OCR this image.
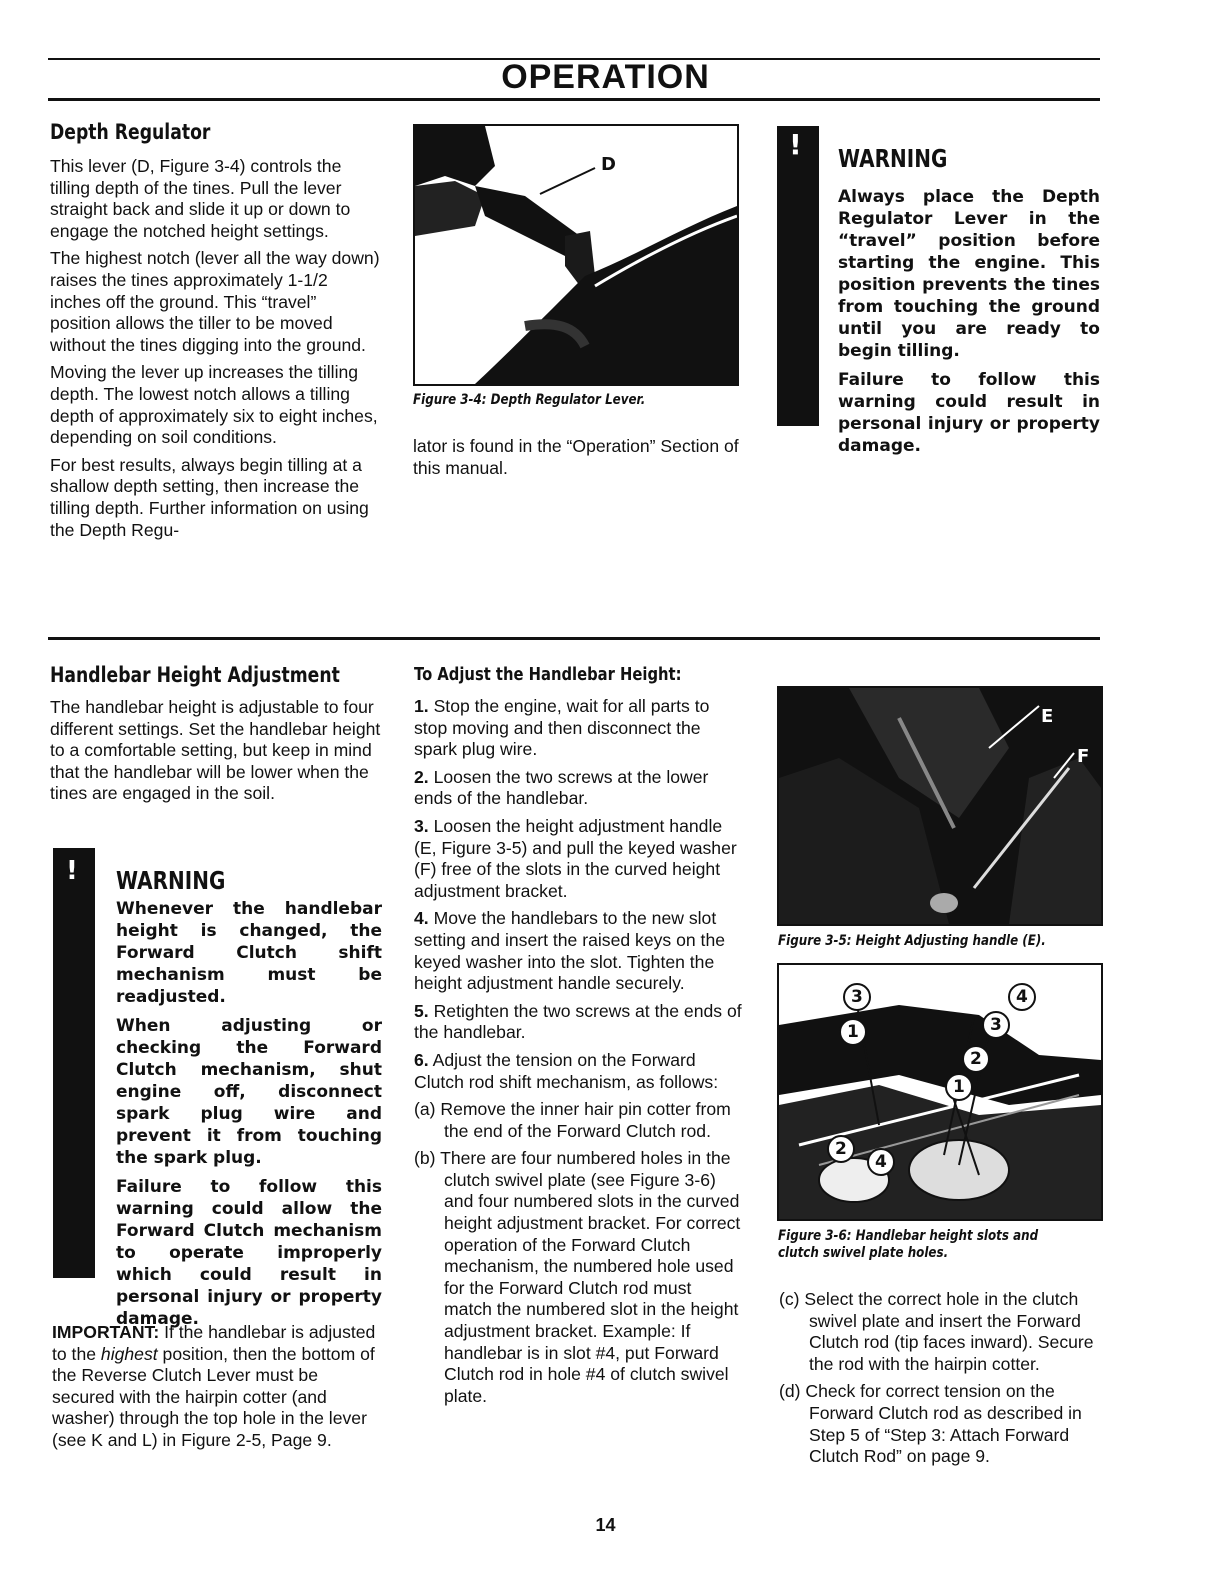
OPERATION
Depth Regulator

This lever (D, Figure 3-4) controls the tilling depth of the tines. Pull the lever straight back and slide it up or down to engage the notched height settings.

The highest notch (lever all the way down) raises the tines approximately 1-1/2 inches off the ground. This “travel” position allows the tiller to be moved without the tines digging into the ground.

Moving the lever up increases the tilling depth. The lowest notch allows a tilling depth of approximately six to eight inches, depending on soil conditions.

For best results, always begin tilling at a shallow depth setting, then increase the tilling depth. Further information on using the Depth Regu-

D
Figure 3-4: Depth Regulator Lever.
lator is found in the “Operation” Section of this manual.
! WARNING

Always place the Depth Regulator Lever in the “travel” position before starting the engine. This position prevents the tines from touching the ground until you are ready to begin tilling.

Failure to follow this warning could result in personal injury or property damage.

Handlebar Height Adjustment
The handlebar height is adjustable to four different settings. Set the handlebar height to a comfortable setting, but keep in mind that the handlebar will be lower when the tines are engaged in the soil.
! WARNING

Whenever the handlebar height is changed, the Forward Clutch shift mechanism must be readjusted.

When adjusting or checking the Forward Clutch mechanism, shut engine off, disconnect spark plug wire and prevent it from touching the spark plug.

Failure to follow this warning could allow the Forward Clutch mechanism to operate improperly which could result in personal injury or property damage.

IMPORTANT: If the handlebar is adjusted to the highest position, then the bottom of the Reverse Clutch Lever must be secured with the hairpin cotter (and washer) through the top hole in the lever (see K and L) in Figure 2-5, Page 9.
To Adjust the Handlebar Height:

1. Stop the engine, wait for all parts to stop moving and then disconnect the spark plug wire.

2. Loosen the two screws at the lower ends of the handlebar.

3. Loosen the height adjustment handle (E, Figure 3-5) and pull the keyed washer (F) free of the slots in the curved height adjustment bracket.

4. Move the handlebars to the new slot setting and insert the raised keys on the keyed washer into the slot. Tighten the height adjustment handle securely.

5. Retighten the two screws at the ends of the handlebar.

6. Adjust the tension on the Forward Clutch rod shift mechanism, as follows:

(a) Remove the inner hair pin cotter from the end of the Forward Clutch rod.

(b) There are four numbered holes in the clutch swivel plate (see Figure 3-6) and four numbered slots in the curved height adjustment bracket. For correct operation of the Forward Clutch mechanism, the numbered hole used for the Forward Clutch rod must match the numbered slot in the height adjustment bracket. Example: If handlebar is in slot #4, put Forward Clutch rod in hole #4 of clutch swivel plate.

E
F
Figure 3-5: Height Adjusting handle (E).
3	4
1	3
2
1
2
4
Figure 3-6: Handlebar height slots and
clutch swivel plate holes.

(c) Select the correct hole in the clutch swivel plate and insert the Forward Clutch rod (tip faces inward). Secure the rod with the hairpin cotter.

(d) Check for correct tension on the Forward Clutch rod as described in Step 5 of “Step 3: Attach Forward Clutch Rod” on page 9.

14
